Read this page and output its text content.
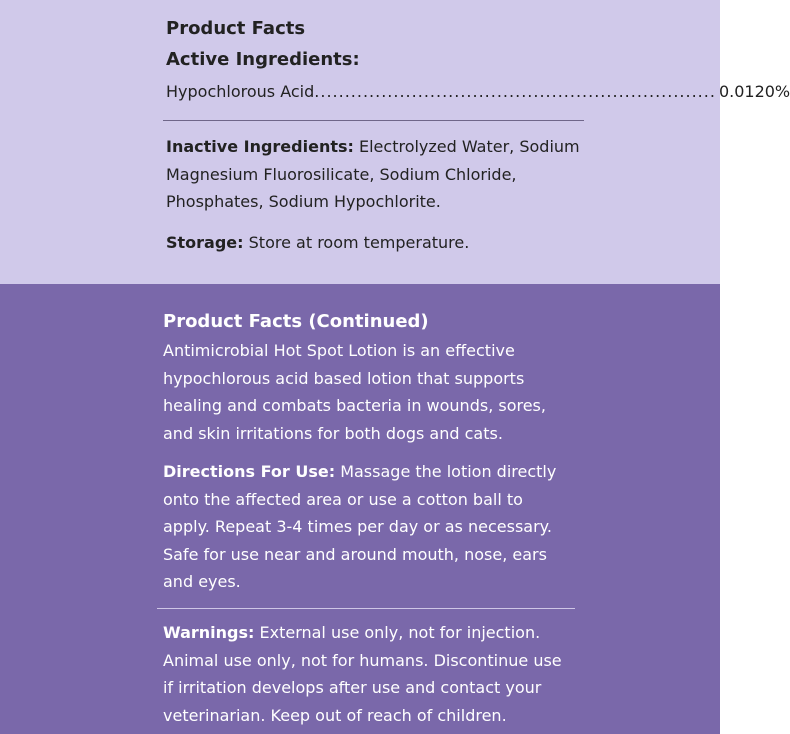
Product Facts
Active Ingredients:
Hypochlorous Acid .................................................................. 0.0120%

Inactive Ingredients: Electrolyzed Water, Sodium Magnesium Fluorosilicate, Sodium Chloride, Phosphates, Sodium Hypochlorite.

Storage: Store at room temperature.

Product Facts (Continued)

Antimicrobial Hot Spot Lotion is an effective hypochlorous acid based lotion that supports healing and combats bacteria in wounds, sores, and skin irritations for both dogs and cats.

Directions For Use: Massage the lotion directly onto the affected area or use a cotton ball to apply. Repeat 3-4 times per day or as necessary. Safe for use near and around mouth, nose, ears and eyes.

Warnings: External use only, not for injection. Animal use only, not for humans. Discontinue use if irritation develops after use and contact your veterinarian. Keep out of reach of children.
